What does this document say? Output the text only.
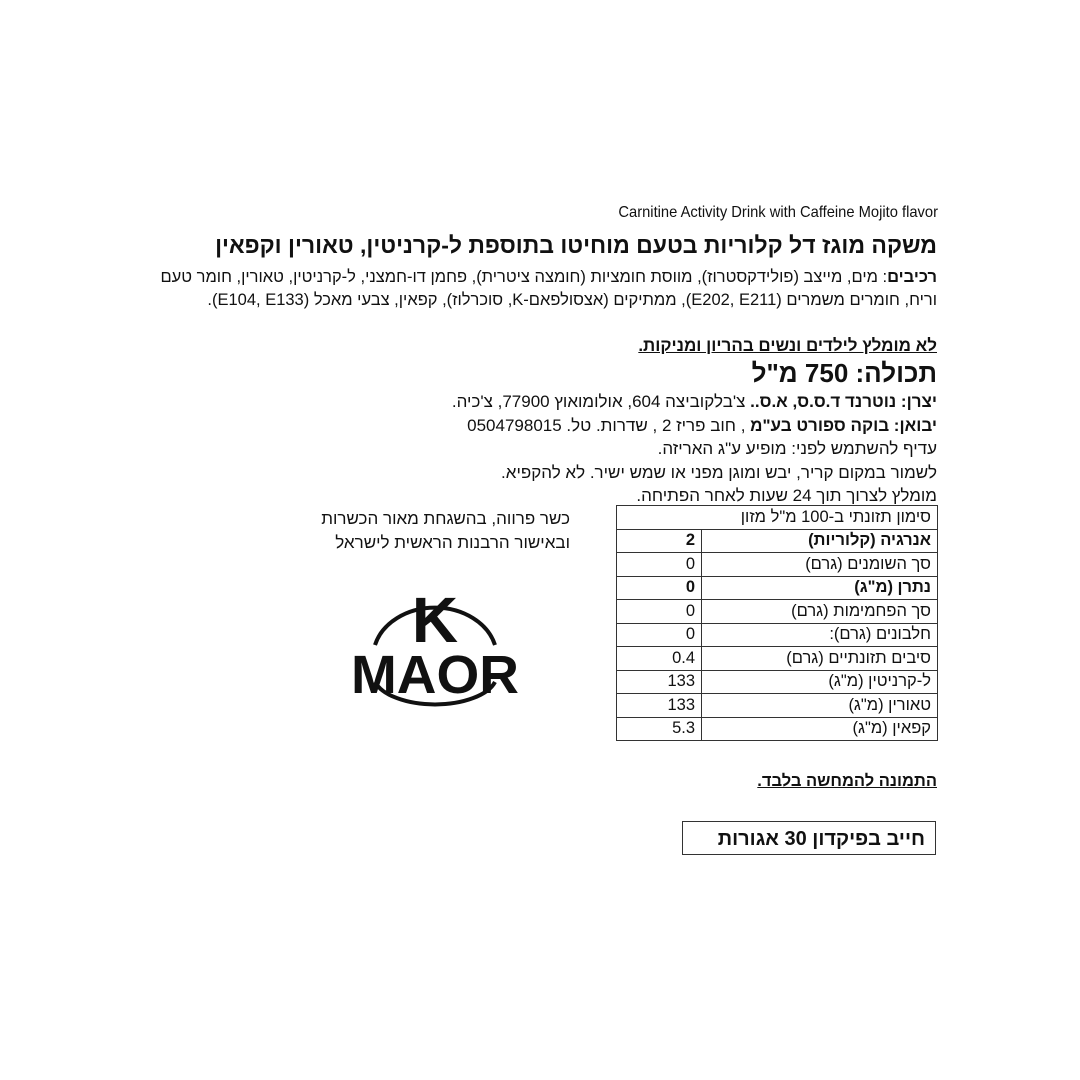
Carnitine Activity Drink with Caffeine Mojito flavor
משקה מוגז דל קלוריות בטעם מוחיטו בתוספת ל-קרניטין, טאורין וקפאין
רכיבים: מים, מייצב (פולידקסטרוז), מווסת חומציות (חומצה ציטרית), פחמן דו-חמצני, ל-קרניטין, טאורין, חומר טעם וריח, חומרים משמרים (E202, E211), ממתיקים (אצסולפאם-K, סוכרלוז), קפאין, צבעי מאכל (E104, E133).
לא מומלץ לילדים ונשים בהריון ומניקות.
תכולה: 750 מ"ל
יצרן: נוטרנד ד.ס.ס, א.ס.. צ'בלקוביצה 604, אולומואוץ 77900, צ'כיה.
יבואן: בוקה ספורט בע"מ , חוב פריז 2 , שדרות. טל. 0504798015
עדיף להשתמש לפני: מופיע ע"ג האריזה.
לשמור במקום קריר, יבש ומוגן מפני או שמש ישיר. לא להקפיא.
מומלץ לצרוך תוך 24 שעות לאחר הפתיחה.
כשר פרווה, בהשגחת מאור הכשרות
ובאישור הרבנות הראשית לישראל
K
MAOR
סימון תזונתי ב-100 מ"ל מזון	
אנרגיה (קלוריות)	2
סך השומנים (גרם)	0
נתרן (מ"ג)	0
סך הפחמימות (גרם)	0
חלבונים (גרם):	0
סיבים תזונתיים (גרם)	0.4
ל-קרניטין (מ"ג)	133
טאורין (מ"ג)	133
קפאין (מ"ג)	5.3
התמונה להמחשה בלבד.
חייב בפיקדון 30 אגורות
